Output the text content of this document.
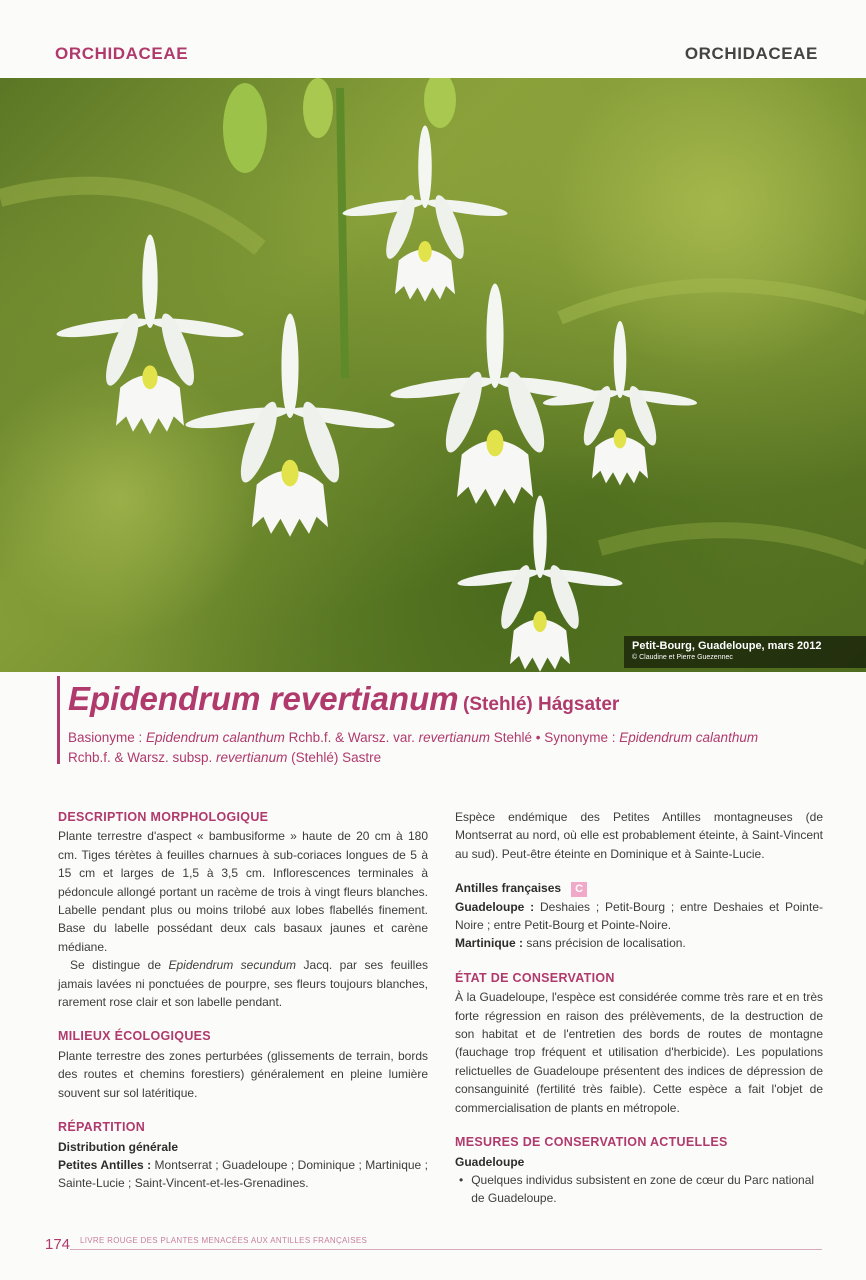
ORCHIDACEAE	ORCHIDACEAE
Petit-Bourg, Guadeloupe, mars 2012
© Claudine et Pierre Guezennec
Epidendrum revertianum (Stehlé) Hágsater
Basionyme : Epidendrum calanthum Rchb.f. & Warsz. var. revertianum Stehlé • Synonyme : Epidendrum calanthum Rchb.f. & Warsz. subsp. revertianum (Stehlé) Sastre
DESCRIPTION MORPHOLOGIQUE

Plante terrestre d'aspect « bambusiforme » haute de 20 cm à 180 cm. Tiges térètes à feuilles charnues à sub-coriaces longues de 5 à 15 cm et larges de 1,5 à 3,5 cm. Inflorescences terminales à pédoncule allongé portant un racème de trois à vingt fleurs blanches. Labelle pendant plus ou moins trilobé aux lobes flabellés finement. Base du labelle possédant deux cals basaux jaunes et carène médiane.

Se distingue de Epidendrum secundum Jacq. par ses feuilles jamais lavées ni ponctuées de pourpre, ses fleurs toujours blanches, rarement rose clair et son labelle pendant.

MILIEUX ÉCOLOGIQUES

Plante terrestre des zones perturbées (glissements de terrain, bords des routes et chemins forestiers) généralement en pleine lumière souvent sur sol latéritique.

RÉPARTITION

Distribution générale

Petites Antilles : Montserrat ; Guadeloupe ; Dominique ; Martinique ; Sainte-Lucie ; Saint-Vincent-et-les-Grenadines.

Espèce endémique des Petites Antilles montagneuses (de Montserrat au nord, où elle est probablement éteinte, à Saint-Vincent au sud). Peut-être éteinte en Dominique et à Sainte-Lucie.

Antilles françaises C

Guadeloupe : Deshaies ; Petit-Bourg ; entre Deshaies et Pointe-Noire ; entre Petit-Bourg et Pointe-Noire.

Martinique : sans précision de localisation.

ÉTAT DE CONSERVATION

À la Guadeloupe, l'espèce est considérée comme très rare et en très forte régression en raison des prélèvements, de la destruction de son habitat et de l'entretien des bords de routes de montagne (fauchage trop fréquent et utilisation d'herbicide). Les populations relictuelles de Guadeloupe présentent des indices de dépression de consanguinité (fertilité très faible). Cette espèce a fait l'objet de commercialisation de plants en métropole.

MESURES DE CONSERVATION ACTUELLES

Guadeloupe

• Quelques individus subsistent en zone de cœur du Parc national de Guadeloupe.
174 LIVRE ROUGE DES PLANTES MENACÉES AUX ANTILLES FRANÇAISES
